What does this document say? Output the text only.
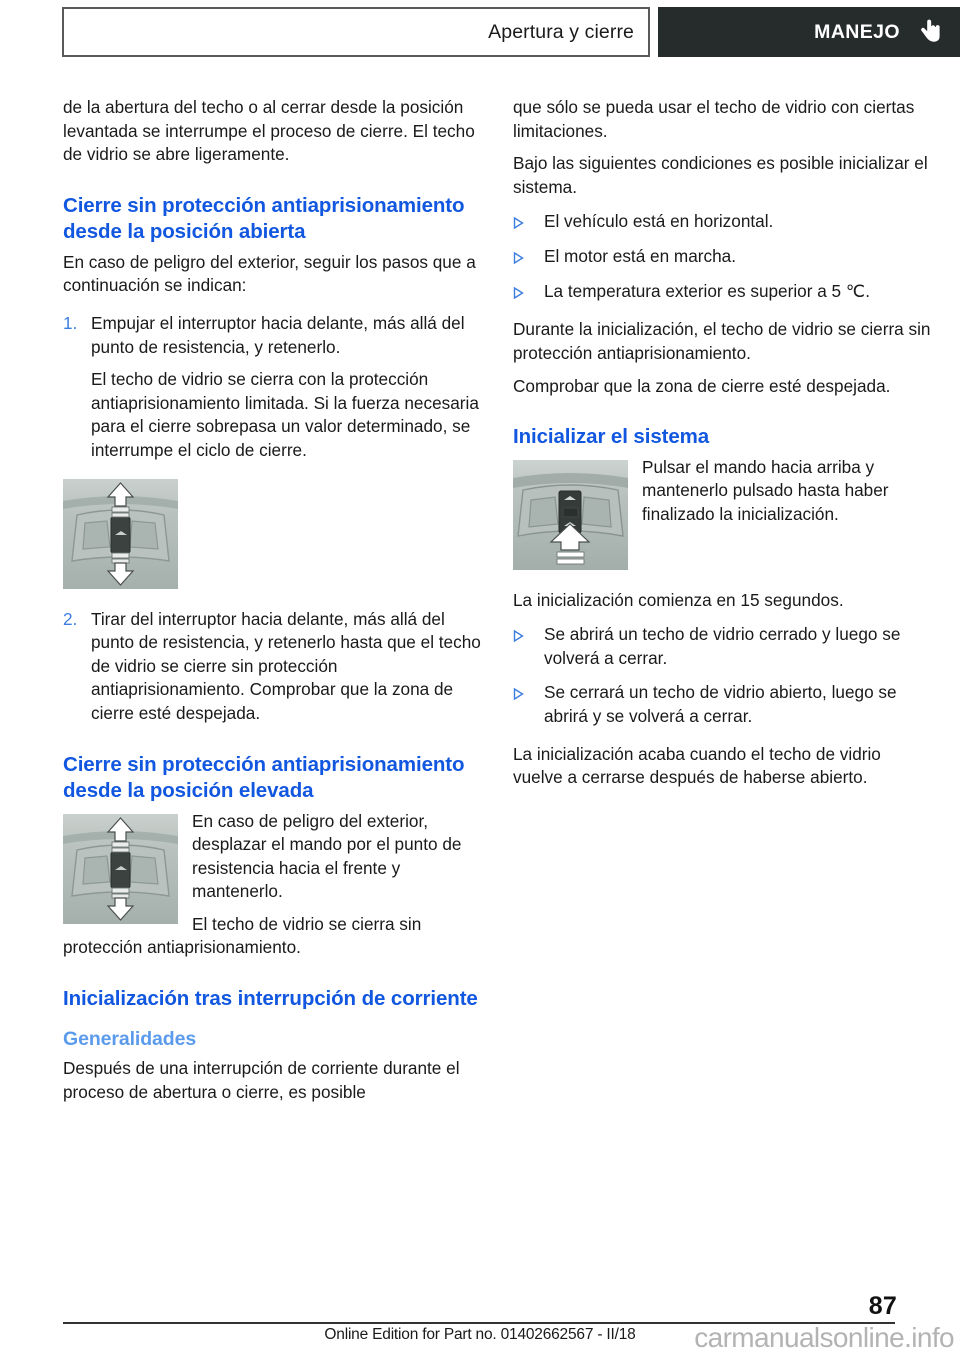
Apertura y cierre	MANEJO

de la abertura del techo o al cerrar desde la posición levantada se interrumpe el proceso de cierre. El techo de vidrio se abre ligeramente.

Cierre sin protección antiaprisionamiento desde la posición abierta

En caso de peligro del exterior, seguir los pasos que a continuación se indican:

1. Empujar el interruptor hacia delante, más allá del punto de resistencia, y retenerlo.

El techo de vidrio se cierra con la protección antiaprisionamiento limitada. Si la fuerza necesaria para el cierre sobrepasa un valor determinado, se interrumpe el ciclo de cierre.

2. Tirar del interruptor hacia delante, más allá del punto de resistencia, y retenerlo hasta que el techo de vidrio se cierre sin protección antiaprisionamiento. Comprobar que la zona de cierre esté despejada.

Cierre sin protección antiaprisionamiento desde la posición elevada

En caso de peligro del exterior, desplazar el mando por el punto de resistencia hacia el frente y mantenerlo.

El techo de vidrio se cierra sin protección antiaprisionamiento.

Inicialización tras interrupción de corriente
Generalidades

Después de una interrupción de corriente durante el proceso de abertura o cierre, es posible

que sólo se pueda usar el techo de vidrio con ciertas limitaciones.

Bajo las siguientes condiciones es posible inicializar el sistema.

El vehículo está en horizontal.
El motor está en marcha.
La temperatura exterior es superior a 5 ℃.

Durante la inicialización, el techo de vidrio se cierra sin protección antiaprisionamiento.

Comprobar que la zona de cierre esté despejada.

Inicializar el sistema

Pulsar el mando hacia arriba y mantenerlo pulsado hasta haber finalizado la inicialización.

La inicialización comienza en 15 segundos.

Se abrirá un techo de vidrio cerrado y luego se volverá a cerrar.
Se cerrará un techo de vidrio abierto, luego se abrirá y se volverá a cerrar.

La inicialización acaba cuando el techo de vidrio vuelve a cerrarse después de haberse abierto.

87
Online Edition for Part no. 01402662567 - II/18	carmanualsonline.info
